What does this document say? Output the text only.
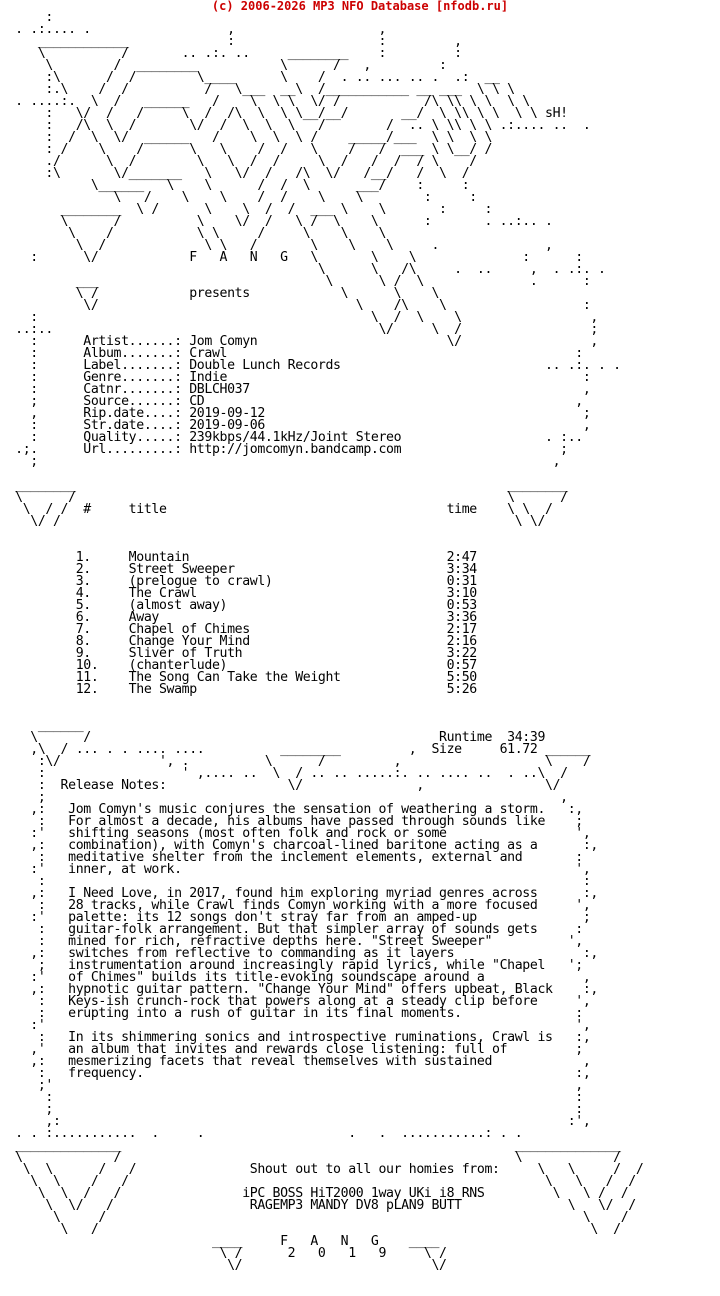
(c) 2006-2026 MP3 NFO Database [nfodb.ru]
:
. .:.... .                  ,                   ,
____________             :                   :         ,
\          /       .. .:. ..     ________    :         :
\        /  ________           \      /   ,         :
:\      /  /        \____      \    /  . .. ... .. .  .:  __
:.\    /  /          /   \___  __\  /___________ __ ___  \ \ \
. ....:.  \  /   ______   /    \  \ \  \/ /           /\ \\ \ \  \ \
:   \/  /   /     \  /  /\  \  \ \__/__/       __/  \ \\ \ \  \ \ sH!
:   /\  \  /       \/  /  \  \  \   /        /  .. \ \\ \ \ .:.... ..  .
:  /  \  \/  ______   /    \  \  \ /    _____/___  \ \  \ \
: /    \    /      \   \    /  /   \    /   /  ___ \ \__/ /
./      \  /        \   \  /  /     \  /   /  /  / \    /
:\       \/_______   \   \/  /   /\  \/   /__/   /  \  /
\______   \    \      /  /  \      ___/    :     :
\   /    \    \    /  /    \    \        :     :
________  \ /      \    \  /  /  ___ \    \       :     :
\      /          \    \/  /   \ /  \    \      :       . ..:.. .
\    /           \ \     /     \    \    \
\  /             \ \   /       \    \    \     .              ,
:      \/            F   A   N   G   \       \    \              :      :
\      \   /\     .  ..     ,  . .:. .
___                              \      \ /  \              .      :
\ /            presents            \      \    \
\/                                  \    /\    \                  :
:                                            \  /  \    \                 ,
..:..                                           \/     \  /                 ;
:      Artist......: Jom Comyn                         \/                 ,
:      Album.......: Crawl                                              :
:      Label.......: Double Lunch Records                           .. .:. . .
:      Genre.......: Indie                                               :
:      Catnr.......: DBLCH037                                            ,
;      Source......: CD                                                 ,
,      Rip.date....: 2019-09-12                                          ;
:      Str.date....: 2019-09-06                                          ,
:      Quality.....: 239kbps/44.1kHz/Joint Stereo                   . :..
.;.      Url.........: http://jomcomyn.bandcamp.com                     ;
;                                                                    ,
________                                                         ________
\      /                                                         \      /
\  / /  #     title                                     time    \ \  /
\/ /                                                            \ \/
1.     Mountain                                  2:47
2.     Street Sweeper                            3:34
3.     (prelogue to crawl)                       0:31
4.     The Crawl                                 3:10
5.     (almost away)                             0:53
6.     Away                                      3:36
7.     Chapel of Chimes                          2:17
8.     Change Your Mind                          2:16
9.     Sliver of Truth                           3:22
10.    (chanterlude)                             0:57
11.    The Song Can Take the Weight              5:50
12.    The Swamp                                 5:26
______
\      /                                              Runtime  34:39
,\  / ... . . .... ....          ________         ,  Size     61.72 ______
:\/             ', .          \      /         ,                   \    /
:                  ' ,.... ..  \  / .. .. .....:. .. .... ..  . ..\  /
:  Release Notes:                \/               ,                \/
;                                                                    ,
,:   Jom Comyn's music conjures the sensation of weathering a storm.   :,
:   For almost a decade, his albums have passed through sounds like    ;
:'   shifting seasons (most often folk and rock or some                 ',
,:   combination), with Comyn's charcoal-lined baritone acting as a      :,
:   meditative shelter from the inclement elements, external and       :
:'   inner, at work.                                                    ',
:                                                                       :
,:   I Need Love, in 2017, found him exploring myriad genres across      :,
:   28 tracks, while Crawl finds Comyn working with a more focused     ',
:'   palette: its 12 songs don't stray far from an amped-up              ;
:   guitar-folk arrangement. But that simpler array of sounds gets     :
:   mined for rich, refractive depths here. "Street Sweeper"          ',
,:   switches from reflective to commanding as it layers                 :,
;   instrumentation around increasingly rapid lyrics, while "Chapel   ';
:'   of Chimes" builds its title-evoking soundscape around a             ,
,:   hypnotic guitar pattern. "Change Your Mind" offers upbeat, Black    :,
:   Keys-ish crunch-rock that powers along at a steady clip before     ',
:   erupting into a rush of guitar in its final moments.               :
:'                                                                      ',
:   In its shimmering sonics and introspective ruminations, Crawl is   :,
,'   an album that invites and rewards close listening: full of         ;
,:   mesmerizing facets that reveal themselves with sustained            ,
:   frequency.                                                         :,
;'                                                                     ,
:                                                                     :
;                                                                     :
,:                                                                   :',
. . :...........  .     .                   .   .  ...........: . .
______________                                                    ______________
\            /                                                    \            /
\  \      /   /               Shout out to all our homies from:     \   \     /  /
\  \    /   /                                                       \   \   /  /
\  \  /   /                iPC BOSS HiT2000 1way UKi i8 RNS         \   \ /  /
\  \/   /                  RAGEMP3 MANDY DV8 pLAN9 BUTT              \   \/  /
\     /                                                               \    /
\   /                                                                 \  /
____     F   A   N   G    ____
\ /      2   0   1   9     \ /
\/                         \/
